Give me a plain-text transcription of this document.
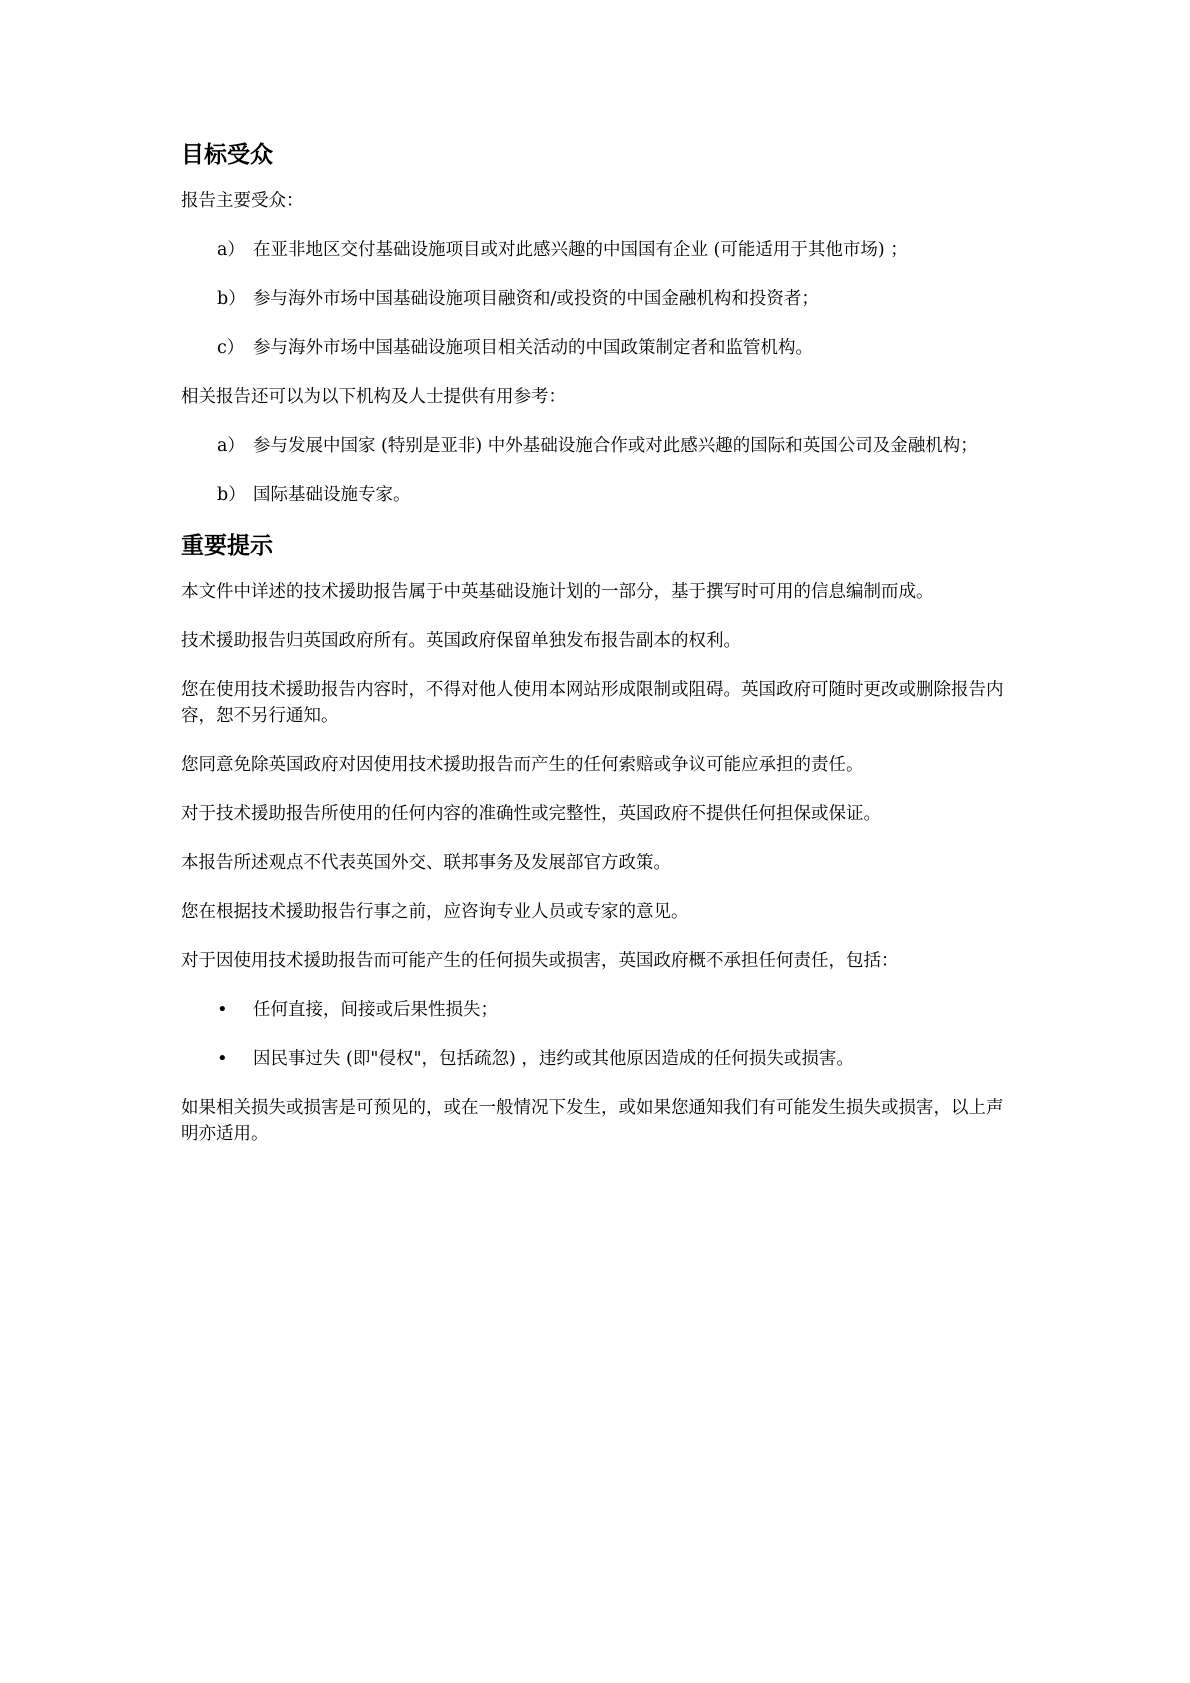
目标受众

报告主要受众：

a） 在亚非地区交付基础设施项目或对此感兴趣的中国国有企业 (可能适用于其他市场) ；
b） 参与海外市场中国基础设施项目融资和/或投资的中国金融机构和投资者；
c） 参与海外市场中国基础设施项目相关活动的中国政策制定者和监管机构。

相关报告还可以为以下机构及人士提供有用参考：

a） 参与发展中国家 (特别是亚非) 中外基础设施合作或对此感兴趣的国际和英国公司及金融机构；
b） 国际基础设施专家。
重要提示

本文件中详述的技术援助报告属于中英基础设施计划的一部分，基于撰写时可用的信息编制而成。

技术援助报告归英国政府所有。英国政府保留单独发布报告副本的权利。

您在使用技术援助报告内容时，不得对他人使用本网站形成限制或阻碍。英国政府可随时更改或删除报告内容，恕不另行通知。

您同意免除英国政府对因使用技术援助报告而产生的任何索赔或争议可能应承担的责任。

对于技术援助报告所使用的任何内容的准确性或完整性，英国政府不提供任何担保或保证。

本报告所述观点不代表英国外交、联邦事务及发展部官方政策。

您在根据技术援助报告行事之前，应咨询专业人员或专家的意见。

对于因使用技术援助报告而可能产生的任何损失或损害，英国政府概不承担任何责任，包括：

• 任何直接，间接或后果性损失；
• 因民事过失 (即"侵权"，包括疏忽) ，违约或其他原因造成的任何损失或损害。

如果相关损失或损害是可预见的，或在一般情况下发生，或如果您通知我们有可能发生损失或损害，以上声明亦适用。
